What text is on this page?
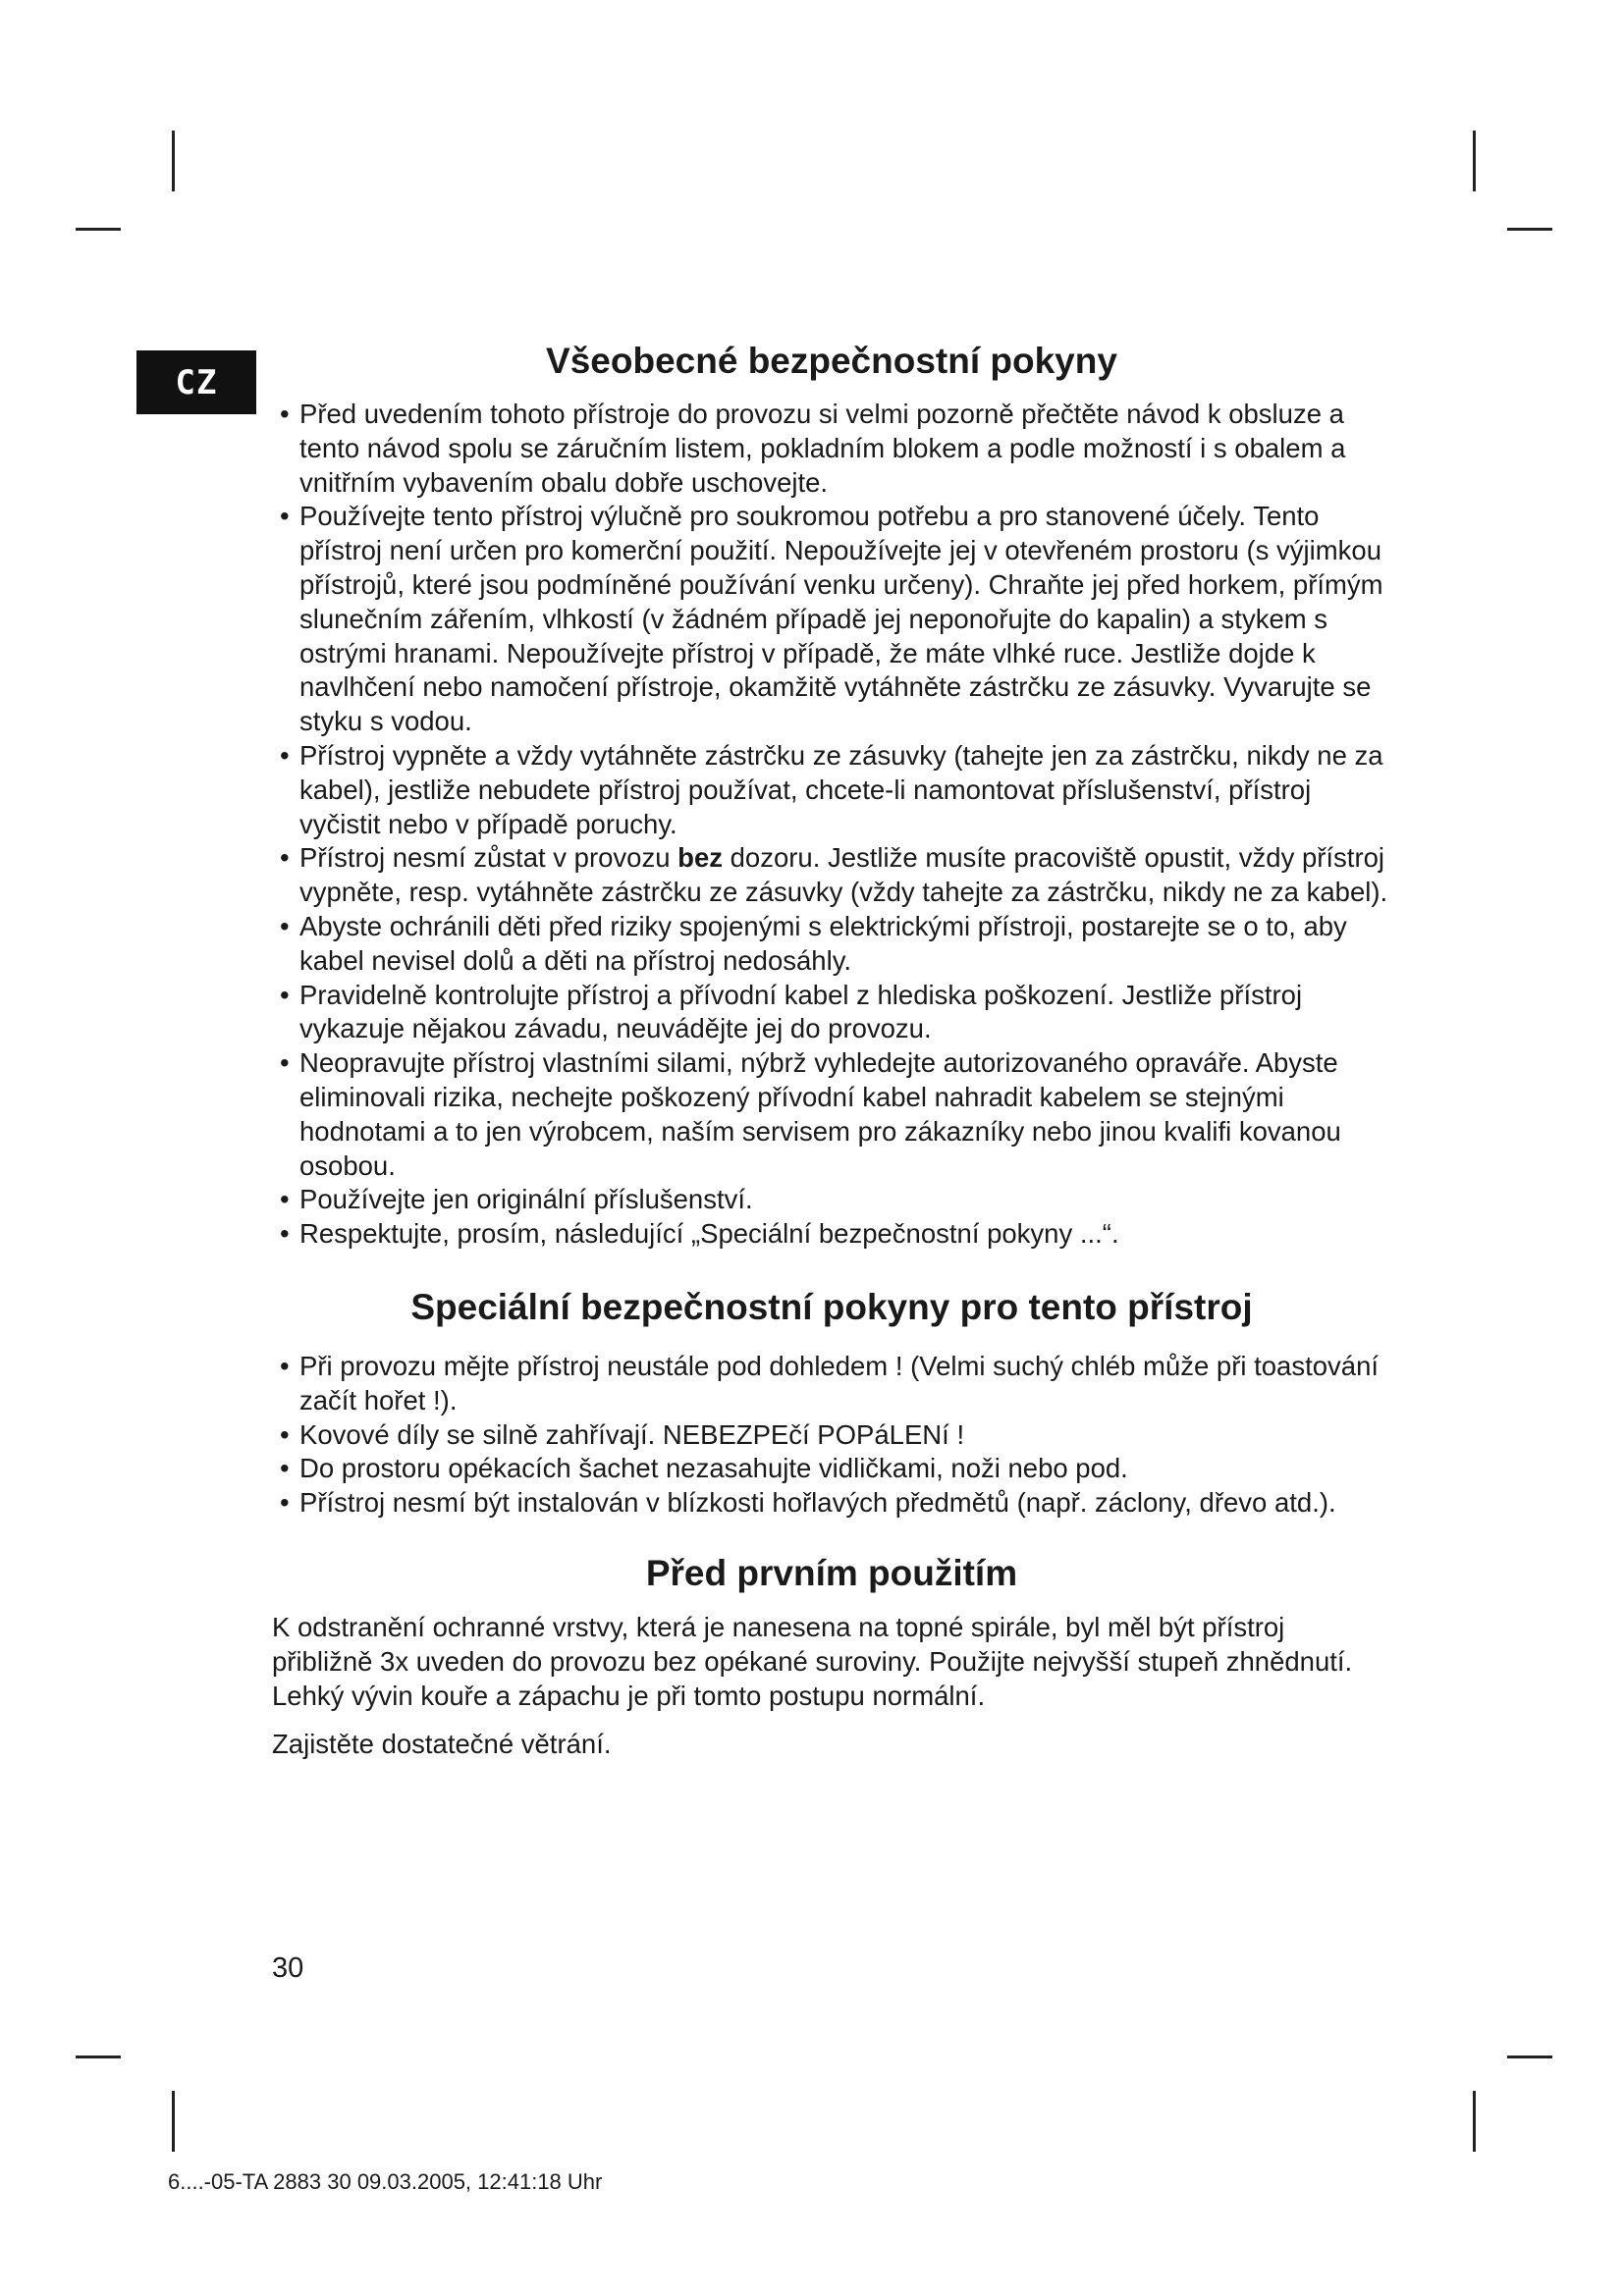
CZ
Všeobecné bezpečnostní pokyny
• Před uvedením tohoto přístroje do provozu si velmi pozorně přečtěte návod k obsluze a tento návod spolu se záručním listem, pokladním blokem a podle možností i s obalem a vnitřním vybavením obalu dobře uschovejte.
• Používejte tento přístroj výlučně pro soukromou potřebu a pro stanovené účely. Tento přístroj není určen pro komerční použití. Nepoužívejte jej v otevřeném prostoru (s výjimkou přístrojů, které jsou podmíněné používání venku určeny). Chraňte jej před horkem, přímým slunečním zářením, vlhkostí (v žádném případě jej neponořujte do kapalin) a stykem s ostrými hranami. Nepoužívejte přístroj v případě, že máte vlhké ruce. Jestliže dojde k navlhčení nebo namočení přístroje, okamžitě vytáhněte zástrčku ze zásuvky. Vyvarujte se styku s vodou.
• Přístroj vypněte a vždy vytáhněte zástrčku ze zásuvky (tahejte jen za zástrčku, nikdy ne za kabel), jestliže nebudete přístroj používat, chcete-li namontovat příslušenství, přístroj vyčistit nebo v případě poruchy.
• Přístroj nesmí zůstat v provozu bez dozoru. Jestliže musíte pracoviště opustit, vždy přístroj vypněte, resp. vytáhněte zástrčku ze zásuvky (vždy tahejte za zástrčku, nikdy ne za kabel).
• Abyste ochránili děti před riziky spojenými s elektrickými přístroji, postarejte se o to, aby kabel nevisel dolů a děti na přístroj nedosáhly.
• Pravidelně kontrolujte přístroj a přívodní kabel z hlediska poškození. Jestliže přístroj vykazuje nějakou závadu, neuvádějte jej do provozu.
• Neopravujte přístroj vlastními silami, nýbrž vyhledejte autorizovaného opraváře. Abyste eliminovali rizika, nechejte poškozený přívodní kabel nahradit kabelem se stejnými hodnotami a to jen výrobcem, naším servisem pro zákazníky nebo jinou kvalifi kovanou osobou.
• Používejte jen originální příslušenství.
• Respektujte, prosím, následující „Speciální bezpečnostní pokyny ...“.
Speciální bezpečnostní pokyny pro tento přístroj
• Při provozu mějte přístroj neustále pod dohledem ! (Velmi suchý chléb může při toastování začít hořet !).
• Kovové díly se silně zahřívají. NEBEZPEčí POPáLENí !
• Do prostoru opékacích šachet nezasahujte vidličkami, noži nebo pod.
• Přístroj nesmí být instalován v blízkosti hořlavých předmětů (např. záclony, dřevo atd.).
Před prvním použitím

K odstranění ochranné vrstvy, která je nanesena na topné spirále, byl měl být přístroj přibližně 3x uveden do provozu bez opékané suroviny. Použijte nejvyšší stupeň zhnědnutí. Lehký vývin kouře a zápachu je při tomto postupu normální.

Zajistěte dostatečné větrání.

30
6....-05-TA 2883 30 09.03.2005, 12:41:18 Uhr
